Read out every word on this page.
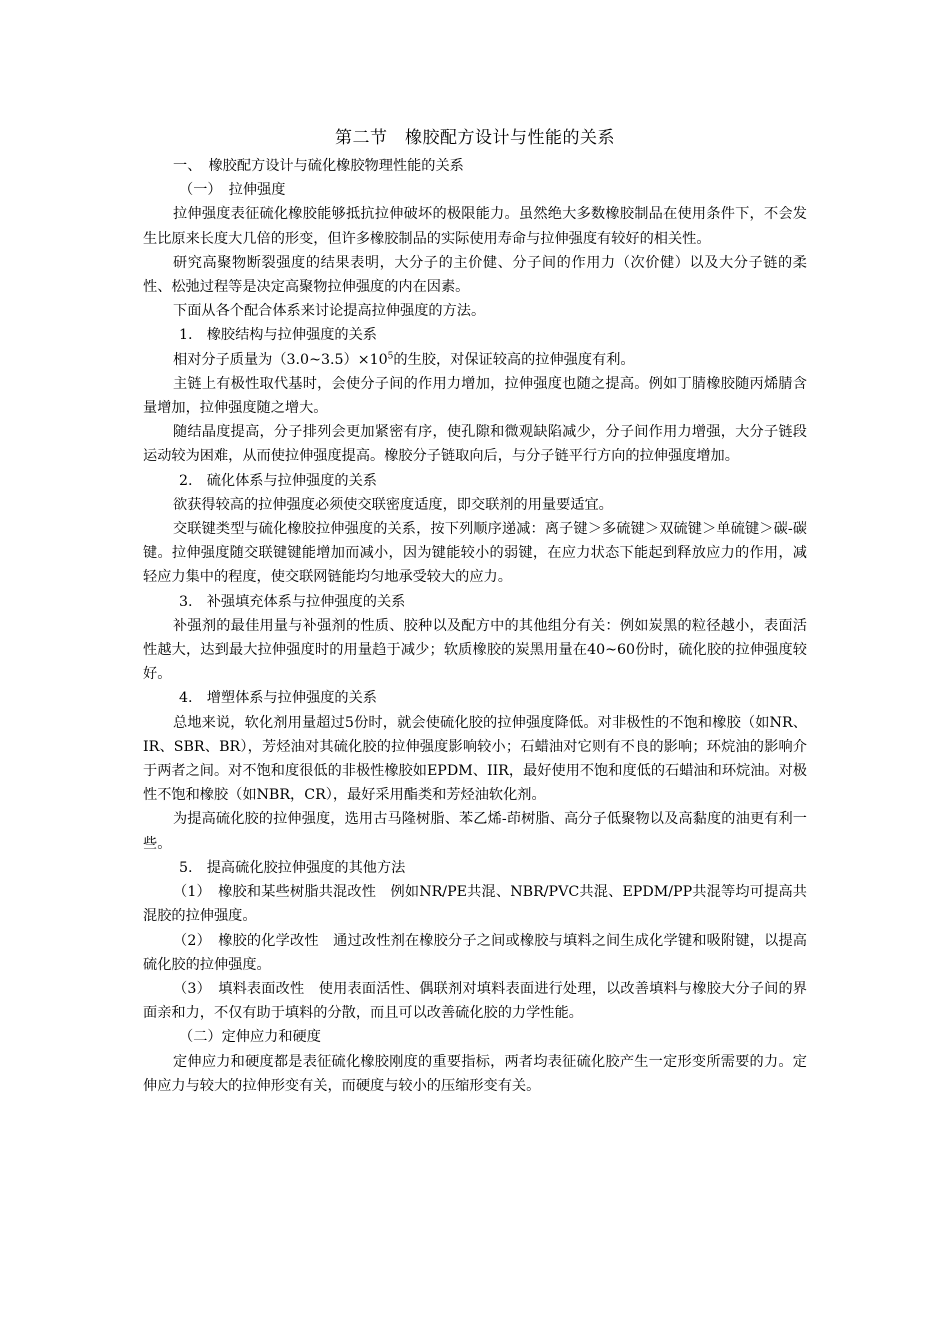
第二节　橡胶配方设计与性能的关系

一、　橡胶配方设计与硫化橡胶物理性能的关系

（一）　拉伸强度

拉伸强度表征硫化橡胶能够抵抗拉伸破坏的极限能力。虽然绝大多数橡胶制品在使用条件下，不会发生比原来长度大几倍的形变，但许多橡胶制品的实际使用寿命与拉伸强度有较好的相关性。

研究高聚物断裂强度的结果表明，大分子的主价健、分子间的作用力（次价健）以及大分子链的柔性、松弛过程等是决定高聚物拉伸强度的内在因素。

下面从各个配合体系来讨论提高拉伸强度的方法。

1.　橡胶结构与拉伸强度的关系

相对分子质量为$(3.0\sim 3.5)\times 10^5$的生胶，对保证较高的拉伸强度有利。

主链上有极性取代基时，会使分子间的作用力增加，拉伸强度也随之提高。例如丁腈橡胶随丙烯腈含量增加，拉伸强度随之增大。

随结晶度提高，分子排列会更加紧密有序，使孔隙和微观缺陷减少，分子间作用力增强，大分子链段运动较为困难，从而使拉伸强度提高。橡胶分子链取向后，与分子链平行方向的拉伸强度增加。

2.　硫化体系与拉伸强度的关系

欲获得较高的拉伸强度必须使交联密度适度，即交联剂的用量要适宜。

交联键类型与硫化橡胶拉伸强度的关系，按下列顺序递减：离子键＞多硫键＞双硫键＞单硫键＞碳-碳键。拉伸强度随交联键键能增加而减小，因为键能较小的弱键，在应力状态下能起到释放应力的作用，减轻应力集中的程度，使交联网链能均匀地承受较大的应力。

3.　补强填充体系与拉伸强度的关系

补强剂的最佳用量与补强剂的性质、胶种以及配方中的其他组分有关：例如炭黑的粒径越小，表面活性越大，达到最大拉伸强度时的用量趋于减少；软质橡胶的炭黑用量在40~60份时，硫化胶的拉伸强度较好。

4.　增塑体系与拉伸强度的关系

总地来说，软化剂用量超过5份时，就会使硫化胶的拉伸强度降低。对非极性的不饱和橡胶（如NR、IR、SBR、BR），芳烃油对其硫化胶的拉伸强度影响较小；石蜡油对它则有不良的影响；环烷油的影响介于两者之间。对不饱和度很低的非极性橡胶如EPDM、IIR，最好使用不饱和度低的石蜡油和环烷油。对极性不饱和橡胶（如NBR，CR），最好采用酯类和芳烃油软化剂。

为提高硫化胶的拉伸强度，选用古马隆树脂、苯乙烯-茚树脂、高分子低聚物以及高黏度的油更有利一些。

5.　提高硫化胶拉伸强度的其他方法

（1）　橡胶和某些树脂共混改性　例如NR/PE共混、NBR/PVC共混、EPDM/PP共混等均可提高共混胶的拉伸强度。

（2）　橡胶的化学改性　通过改性剂在橡胶分子之间或橡胶与填料之间生成化学键和吸附键，以提高硫化胶的拉伸强度。

（3）　填料表面改性　使用表面活性、偶联剂对填料表面进行处理，以改善填料与橡胶大分子间的界面亲和力，不仅有助于填料的分散，而且可以改善硫化胶的力学性能。

（二）定伸应力和硬度

定伸应力和硬度都是表征硫化橡胶刚度的重要指标，两者均表征硫化胶产生一定形变所需要的力。定伸应力与较大的拉伸形变有关，而硬度与较小的压缩形变有关。
